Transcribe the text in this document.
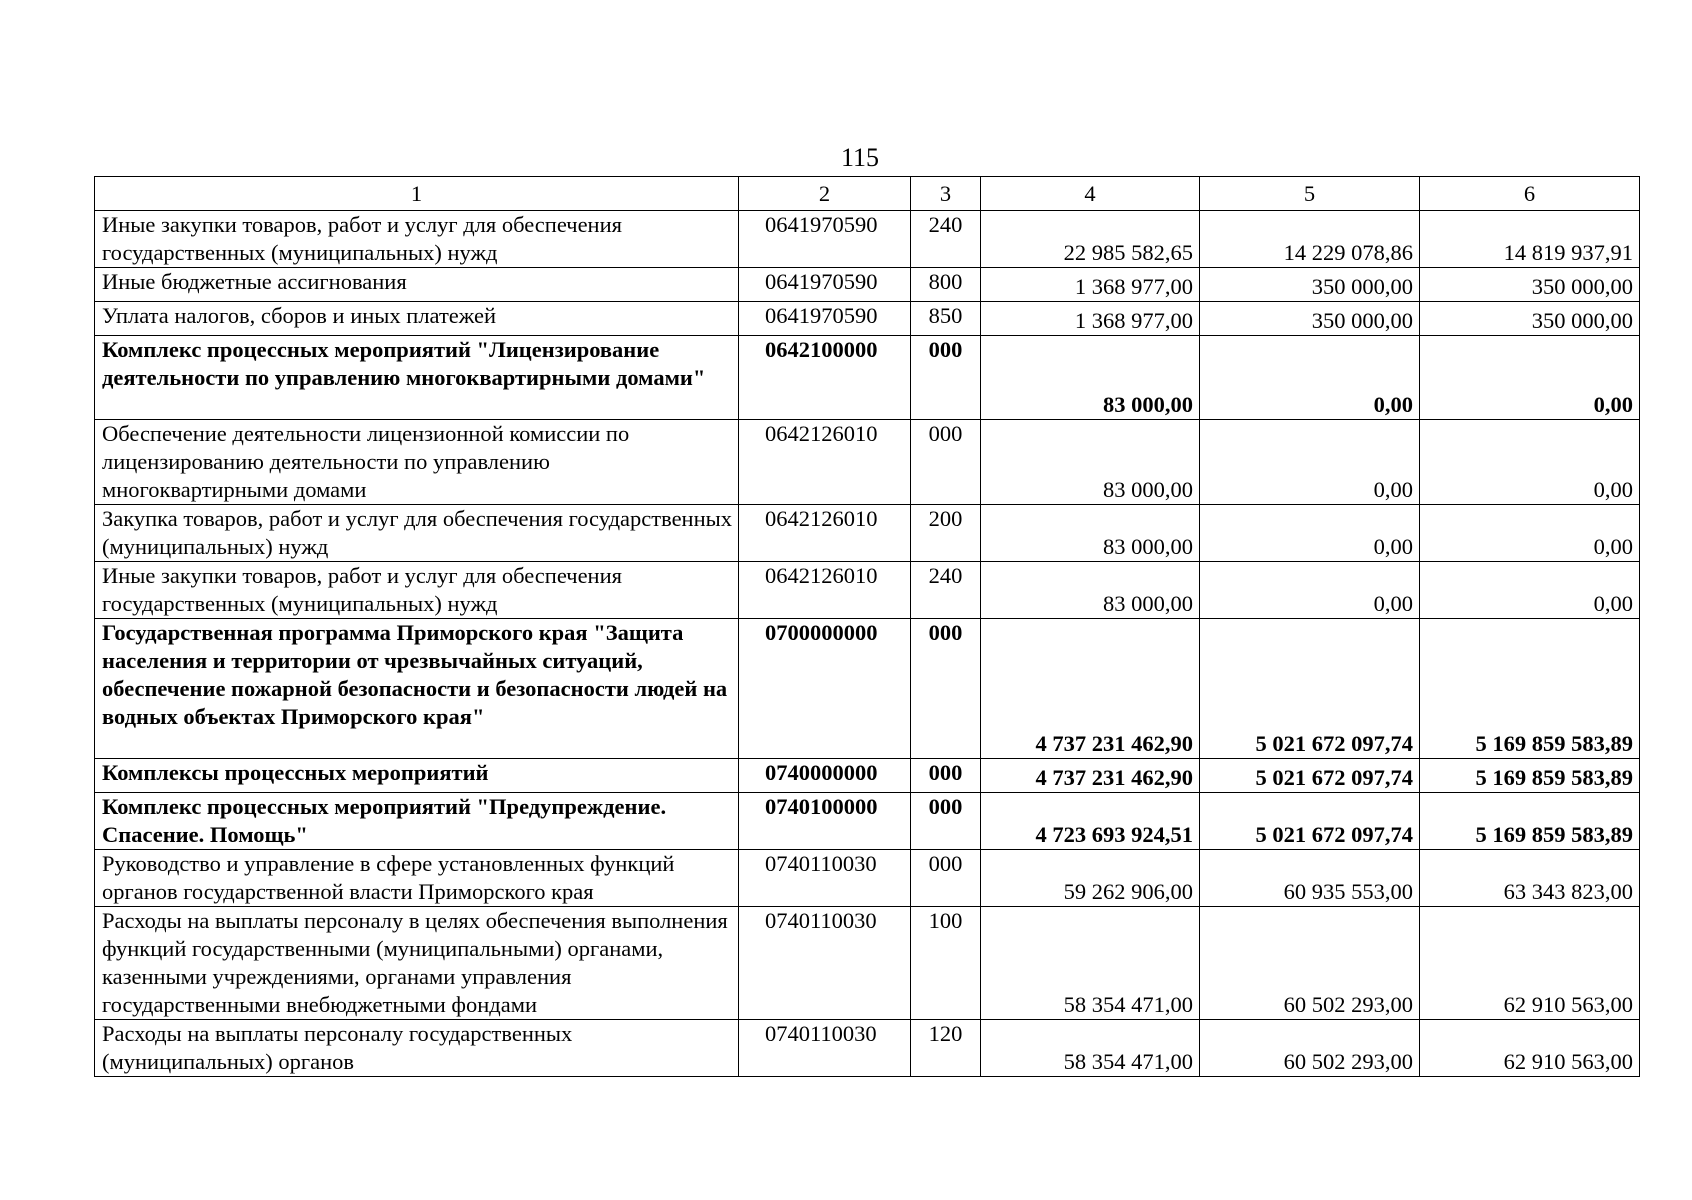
115
1	2	3	4	5	6
Иные закупки товаров, работ и услуг для обеспечения государственных (муниципальных) нужд	0641970590	240	22 985 582,65	14 229 078,86	14 819 937,91
Иные бюджетные ассигнования	0641970590	800	1 368 977,00	350 000,00	350 000,00
Уплата налогов, сборов и иных платежей	0641970590	850	1 368 977,00	350 000,00	350 000,00
Комплекс процессных мероприятий "Лицензирование деятельности по управлению многоквартирными домами"	0642100000	000	83 000,00	0,00	0,00
Обеспечение деятельности лицензионной комиссии по лицензированию деятельности по управлению многоквартирными домами	0642126010	000	83 000,00	0,00	0,00
Закупка товаров, работ и услуг для обеспечения государственных (муниципальных) нужд	0642126010	200	83 000,00	0,00	0,00
Иные закупки товаров, работ и услуг для обеспечения государственных (муниципальных) нужд	0642126010	240	83 000,00	0,00	0,00
Государственная программа Приморского края "Защита населения и территории от чрезвычайных ситуаций, обеспечение пожарной безопасности и безопасности людей на водных объектах Приморского края"	0700000000	000	4 737 231 462,90	5 021 672 097,74	5 169 859 583,89
Комплексы процессных мероприятий	0740000000	000	4 737 231 462,90	5 021 672 097,74	5 169 859 583,89
Комплекс процессных мероприятий "Предупреждение. Спасение. Помощь"	0740100000	000	4 723 693 924,51	5 021 672 097,74	5 169 859 583,89
Руководство и управление в сфере установленных функций органов государственной власти Приморского края	0740110030	000	59 262 906,00	60 935 553,00	63 343 823,00
Расходы на выплаты персоналу в целях обеспечения выполнения функций государственными (муниципальными) органами, казенными учреждениями, органами управления государственными внебюджетными фондами	0740110030	100	58 354 471,00	60 502 293,00	62 910 563,00
Расходы на выплаты персоналу государственных (муниципальных) органов	0740110030	120	58 354 471,00	60 502 293,00	62 910 563,00
